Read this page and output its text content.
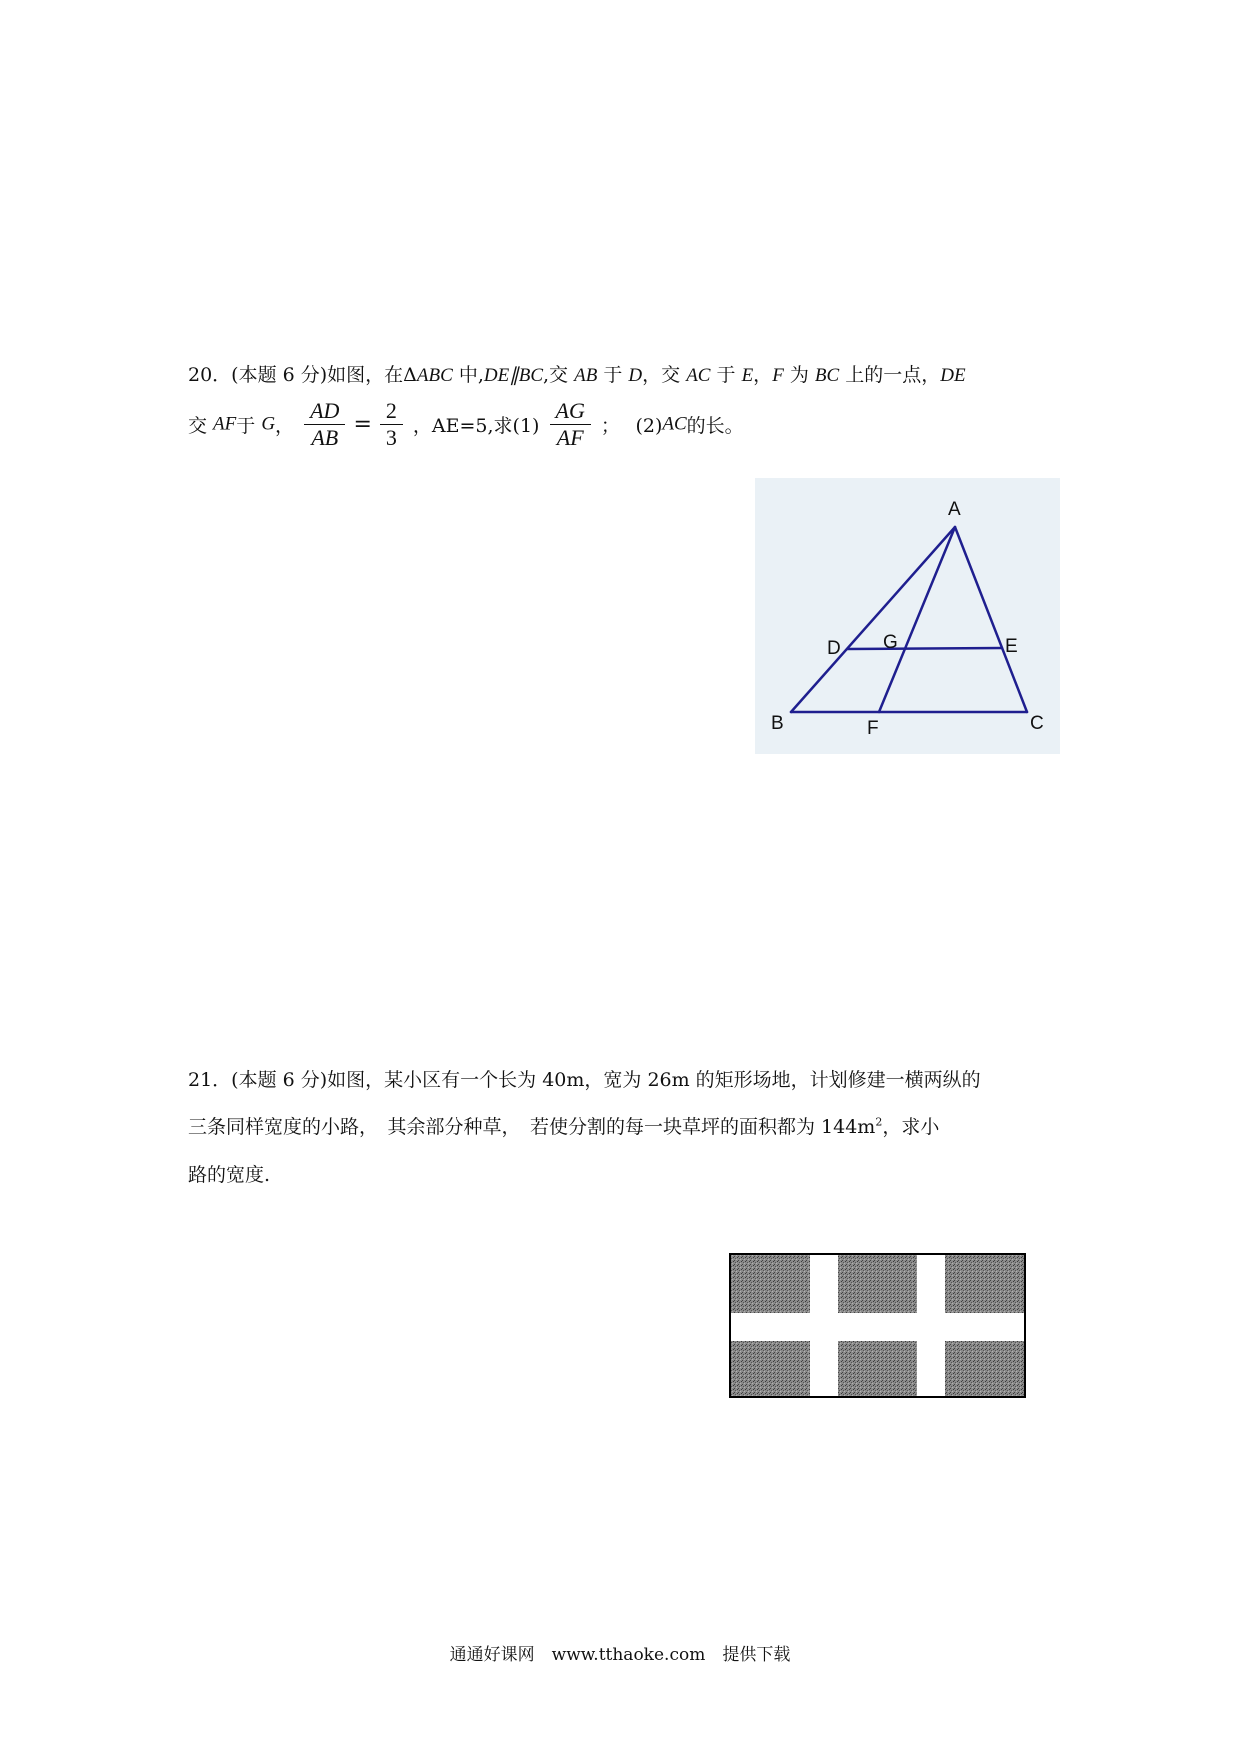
20．(本题 6 分)如图，在ΔABC 中,DE∥BC,交 AB 于 D，交 AC 于 E，F 为 BC 上的一点，DE
交 AF于 G， $\frac{AD}{AB} = \frac{2}{3}$ ，AE=5,求$(1) \frac{AG}{AF}$ ；　 (2)AC的长。
A
B	C
D	E
F
G
21．(本题 6 分)如图，某小区有一个长为 40m，宽为 26m 的矩形场地，计划修建一横两纵的
三条同样宽度的小路，　其余部分种草，　若使分割的每一块草坪的面积都为 $144m^2$，求小
路的宽度.
通通好课网　www.tthaoke.com　提供下载
